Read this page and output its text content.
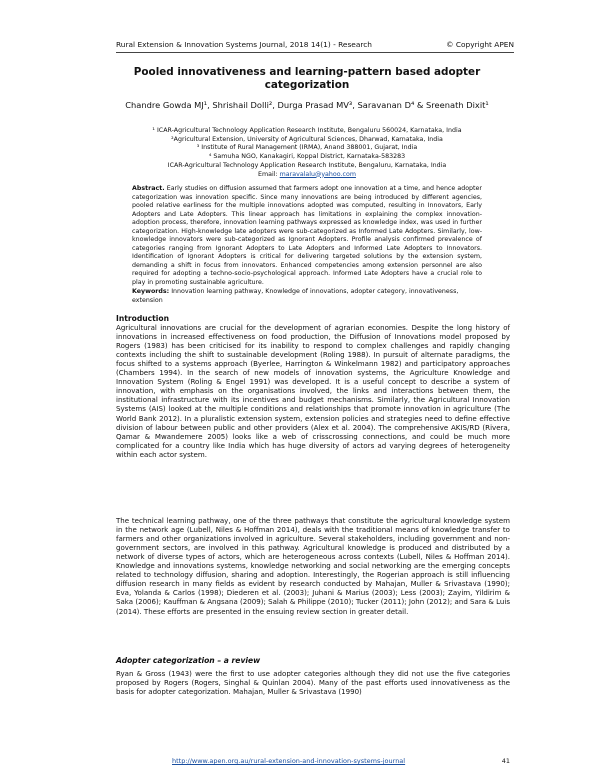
Rural Extension & Innovation Systems Journal, 2018 14(1) - Research	© Copyright APEN
Pooled innovativeness and learning-pattern based adopter categorization
Chandre Gowda MJ¹, Shrishail Dolli², Durga Prasad MV³, Saravanan D⁴ & Sreenath Dixit¹
¹ ICAR-Agricultural Technology Application Research Institute, Bengaluru 560024, Karnataka, India
²Agricultural Extension, University of Agricultural Sciences, Dharwad, Karnataka, India
³ Institute of Rural Management (IRMA), Anand 388001, Gujarat, India
⁴ Samuha NGO, Kanakagiri, Koppal District, Karnataka-583283
ICAR-Agricultural Technology Application Research Institute, Bengaluru, Karnataka, India
Email: maravalalu@yahoo.com
Abstract. Early studies on diffusion assumed that farmers adopt one innovation at a time, and hence adopter categorization was innovation specific. Since many innovations are being introduced by different agencies, pooled relative earliness for the multiple innovations adopted was computed, resulting in Innovators, Early Adopters and Late Adopters. This linear approach has limitations in explaining the complex innovation-adoption process, therefore, innovation learning pathways expressed as knowledge index, was used in further categorization. High-knowledge late adopters were sub-categorized as Informed Late Adopters. Similarly, low-knowledge innovators were sub-categorized as Ignorant Adopters. Profile analysis confirmed prevalence of categories ranging from Ignorant Adopters to Late Adopters and Informed Late Adopters to Innovators. Identification of Ignorant Adopters is critical for delivering targeted solutions by the extension system, demanding a shift in focus from innovators. Enhanced competencies among extension personnel are also required for adopting a techno-socio-psychological approach. Informed Late Adopters have a crucial role to play in promoting sustainable agriculture.
Keywords: Innovation learning pathway, Knowledge of innovations, adopter category, innovativeness, extension
Introduction

Agricultural innovations are crucial for the development of agrarian economies. Despite the long history of innovations in increased effectiveness on food production, the Diffusion of Innovations model proposed by Rogers (1983) has been criticised for its inability to respond to complex challenges and rapidly changing contexts including the shift to sustainable development (Roling 1988). In pursuit of alternate paradigms, the focus shifted to a systems approach (Byerlee, Harrington & Winkelmann 1982) and participatory approaches (Chambers 1994). In the search of new models of innovation systems, the Agriculture Knowledge and Innovation System (Roling & Engel 1991) was developed. It is a useful concept to describe a system of innovation, with emphasis on the organisations involved, the links and interactions between them, the institutional infrastructure with its incentives and budget mechanisms. Similarly, the Agricultural Innovation Systems (AIS) looked at the multiple conditions and relationships that promote innovation in agriculture (The World Bank 2012). In a pluralistic extension system, extension policies and strategies need to define effective division of labour between public and other providers (Alex et al. 2004). The comprehensive AKIS/RD (Rivera, Qamar & Mwandemere 2005) looks like a web of crisscrossing connections, and could be much more complicated for a country like India which has huge diversity of actors ad varying degrees of heterogeneity within each actor system.

The technical learning pathway, one of the three pathways that constitute the agricultural knowledge system in the network age (Lubell, Niles & Hoffman 2014), deals with the traditional means of knowledge transfer to farmers and other organizations involved in agriculture. Several stakeholders, including government and non-government sectors, are involved in this pathway. Agricultural knowledge is produced and distributed by a network of diverse types of actors, which are heterogeneous across contexts (Lubell, Niles & Hoffman 2014). Knowledge and innovations systems, knowledge networking and social networking are the emerging concepts related to technology diffusion, sharing and adoption. Interestingly, the Rogerian approach is still influencing diffusion research in many fields as evident by research conducted by Mahajan, Muller & Srivastava (1990); Eva, Yolanda & Carlos (1998); Diederen et al. (2003); Juhani & Marius (2003); Less (2003); Zayim, Yildirim & Saka (2006); Kauffman & Angsana (2009); Salah & Philippe (2010); Tucker (2011); John (2012); and Sara & Luis (2014). These efforts are presented in the ensuing review section in greater detail.

Adopter categorization – a review

Ryan & Gross (1943) were the first to use adopter categories although they did not use the five categories proposed by Rogers (Rogers, Singhal & Quinlan 2004). Many of the past efforts used innovativeness as the basis for adopter categorization. Mahajan, Muller & Srivastava (1990)

http://www.apen.org.au/rural-extension-and-innovation-systems-journal	41
